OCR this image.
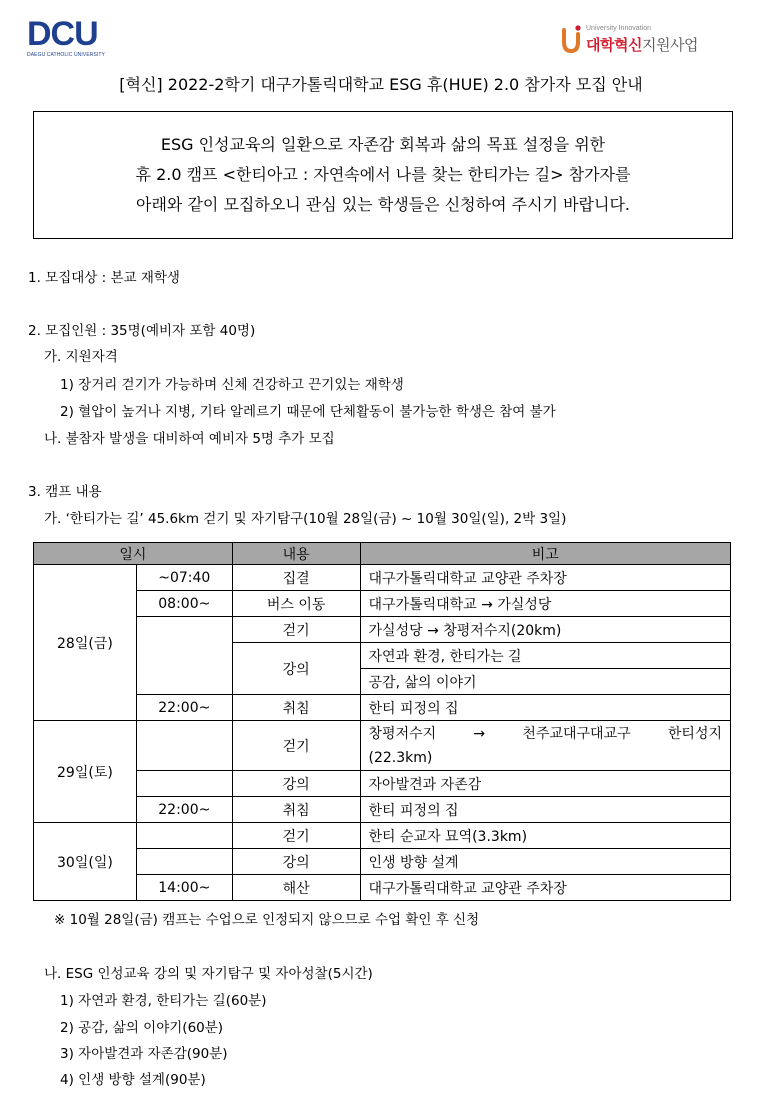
DCU
DAEGU CATHOLIC UNIVERSITY
University Innovation
대학혁신지원사업
[혁신] 2022-2학기 대구가톨릭대학교 ESG 휴(HUE) 2.0 참가자 모집 안내
ESG 인성교육의 일환으로 자존감 회복과 삶의 목표 설정을 위한
휴 2.0 캠프 <한티아고 : 자연속에서 나를 찾는 한티가는 길> 참가자를
아래와 같이 모집하오니 관심 있는 학생들은 신청하여 주시기 바랍니다.
1. 모집대상 : 본교 재학생
2. 모집인원 : 35명(예비자 포함 40명)
가. 지원자격
1) 장거리 걷기가 가능하며 신체 건강하고 끈기있는 재학생
2) 혈압이 높거나 지병, 기타 알레르기 때문에 단체활동이 불가능한 학생은 참여 불가
나. 불참자 발생을 대비하여 예비자 5명 추가 모집
3. 캠프 내용
가. ‘한티가는 길’ 45.6km 걷기 및 자기탐구(10월 28일(금) ~ 10월 30일(일), 2박 3일)
일시		내용	비고
28일(금)	~07:40	집결	대구가톨릭대학교 교양관 주차장
	08:00~	버스 이동	대구가톨릭대학교 → 가실성당
		걷기	가실성당 → 창평저수지(20km)
		강의	자연과 환경, 한티가는 길
			공감, 삶의 이야기
	22:00~	취침	한티 피정의 집
29일(토)		걷기	창평저수지 → 천주교대구대교구 한티성지
(22.3km)

		강의	자아발견과 자존감
	22:00~	취침	한티 피정의 집
30일(일)		걷기	한티 순교자 묘역(3.3km)
		강의	인생 방향 설계
	14:00~	해산	대구가톨릭대학교 교양관 주차장
※ 10월 28일(금) 캠프는 수업으로 인정되지 않으므로 수업 확인 후 신청
나. ESG 인성교육 강의 및 자기탐구 및 자아성찰(5시간)
1) 자연과 환경, 한티가는 길(60분)
2) 공감, 삶의 이야기(60분)
3) 자아발견과 자존감(90분)
4) 인생 방향 설계(90분)
